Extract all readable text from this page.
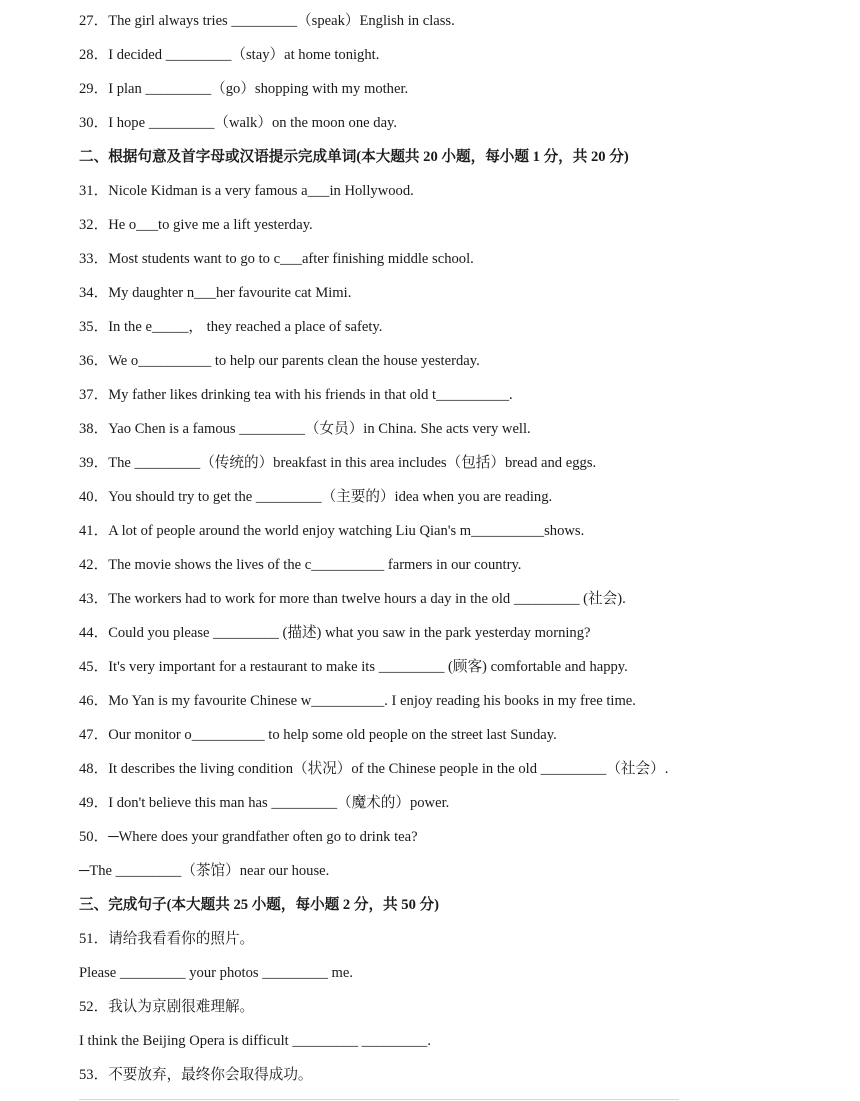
27．The girl always tries _________（speak）English in class.
28．I decided _________（stay）at home tonight.
29．I plan _________（go）shopping with my mother.
30．I hope _________（walk）on the moon one day.
二、根据句意及首字母或汉语提示完成单词(本大题共 20 小题，每小题 1 分，共 20 分)
31．Nicole Kidman is a very famous a___in Hollywood.
32．He o___to give me a lift yesterday.
33．Most students want to go to c___after finishing middle school.
34．My daughter n___her favourite cat Mimi.
35．In the e_____， they reached a place of safety.
36．We o__________ to help our parents clean the house yesterday.
37．My father likes drinking tea with his friends in that old t__________.
38．Yao Chen is a famous _________（女员）in China. She acts very well.
39．The _________（传统的）breakfast in this area includes（包括）bread and eggs.
40．You should try to get the _________（主要的）idea when you are reading.
41．A lot of people around the world enjoy watching Liu Qian's m__________shows.
42．The movie shows the lives of the c__________ farmers in our country.
43．The workers had to work for more than twelve hours a day in the old _________ (社会).
44．Could you please _________ (描述) what you saw in the park yesterday morning?
45．It's very important for a restaurant to make its _________ (顾客) comfortable and happy.
46．Mo Yan is my favourite Chinese w__________. I enjoy reading his books in my free time.
47．Our monitor o__________ to help some old people on the street last Sunday.
48．It describes the living condition（状况）of the Chinese people in the old _________（社会）.
49．I don't believe this man has _________（魔术的）power.
50．─Where does your grandfather often go to drink tea?
─The _________（茶馆）near our house.
三、完成句子(本大题共 25 小题，每小题 2 分，共 50 分)
51．请给我看看你的照片。
Please _________ your photos _________ me.
52．我认为京剧很难理解。
I think the Beijing Opera is difficult _________ _________.
53．不要放弃，最终你会取得成功。
